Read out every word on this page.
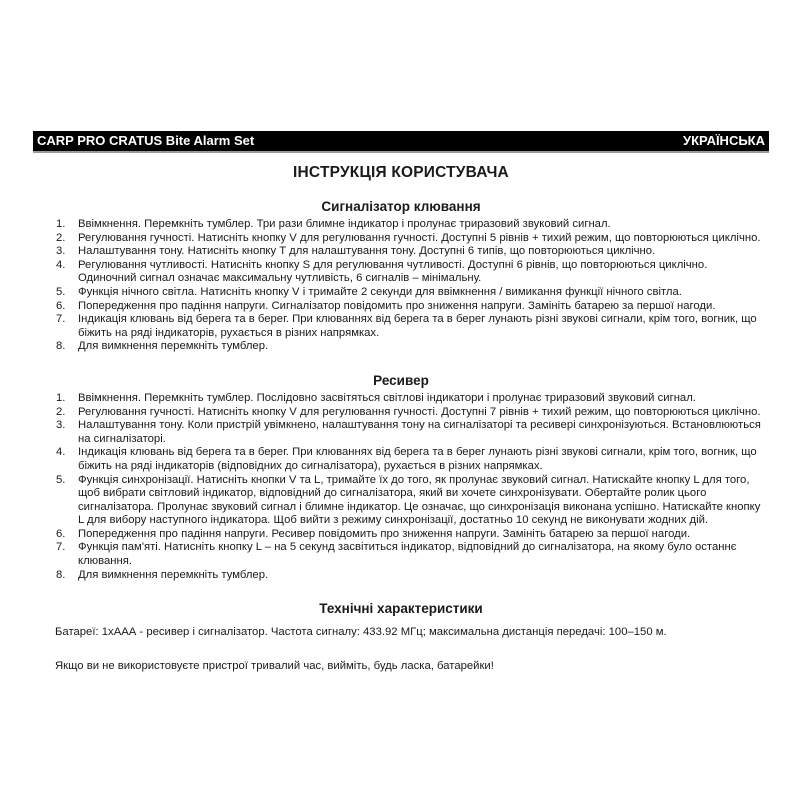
CARP PRO CRATUS Bite Alarm Set	УКРАЇНСЬКА
ІНСТРУКЦІЯ КОРИСТУВАЧА
Сигналізатор клювання
1.	Ввімкнення. Перемкніть тумблер. Три рази блимне індикатор і пролунає триразовий звуковий сигнал.
2.	Регулювання гучності. Натисніть кнопку V для регулювання гучності. Доступні 5 рівнів + тихий режим, що повторюються циклічно.
3.	Налаштування тону. Натисніть кнопку T для налаштування тону. Доступні 6 типів, що повторюються циклічно.
4.	Регулювання чутливості. Натисніть кнопку S для регулювання чутливості. Доступні 6 рівнів, що повторюються циклічно. Одиночний сигнал означає максимальну чутливість, 6 сигналів – мінімальну.
5.	Функція нічного світла. Натисніть кнопку V і тримайте 2 секунди для ввімкнення / вимикання функції нічного світла.
6.	Попередження про падіння напруги. Сигналізатор повідомить про зниження напруги. Замініть батарею за першої нагоди.
7.	Індикація клювань від берега та в берег. При клюваннях від берега та в берег лунають різні звукові сигнали, крім того, вогник, що біжить на ряді індикаторів, рухається в різних напрямках.
8.	Для вимкнення перемкніть тумблер.
Ресивер
1.	Ввімкнення. Перемкніть тумблер. Послідовно засвітяться світлові індикатори і пролунає триразовий звуковий сигнал.
2.	Регулювання гучності. Натисніть кнопку V для регулювання гучності. Доступні 7 рівнів + тихий режим, що повторюються циклічно.
3.	Налаштування тону. Коли пристрій увімкнено, налаштування тону на сигналізаторі та ресивері синхронізуються. Встановлюються на сигналізаторі.
4.	Індикація клювань від берега та в берег. При клюваннях від берега та в берег лунають різні звукові сигнали, крім того, вогник, що біжить на ряді індикаторів (відповідних до сигналізатора), рухається в різних напрямках.
5.	Функція синхронізації. Натисніть кнопки V та L, тримайте їх до того, як пролунає звуковий сигнал. Натискайте кнопку L для того, щоб вибрати світловий індикатор, відповідний до сигналізатора, який ви хочете синхронізувати. Обертайте ролик цього сигналізатора. Пролунає звуковий сигнал і блимне індикатор. Це означає, що синхронізація виконана успішно. Натискайте кнопку L для вибору наступного індикатора. Щоб вийти з режиму синхронізації, достатньо 10 секунд не виконувати жодних дій.
6.	Попередження про падіння напруги. Ресивер повідомить про зниження напруги. Замініть батарею за першої нагоди.
7.	Функція пам'яті. Натисніть кнопку L – на 5 секунд засвітиться індикатор, відповідний до сигналізатора, на якому було останнє клювання.
8.	Для вимкнення перемкніть тумблер.
Технічні характеристики

Батареї: 1хААА - ресивер і сигналізатор. Частота сигналу: 433.92 МГц; максимальна дистанція передачі: 100–150 м.

Якщо ви не використовуєте пристрої тривалий час, вийміть, будь ласка, батарейки!
